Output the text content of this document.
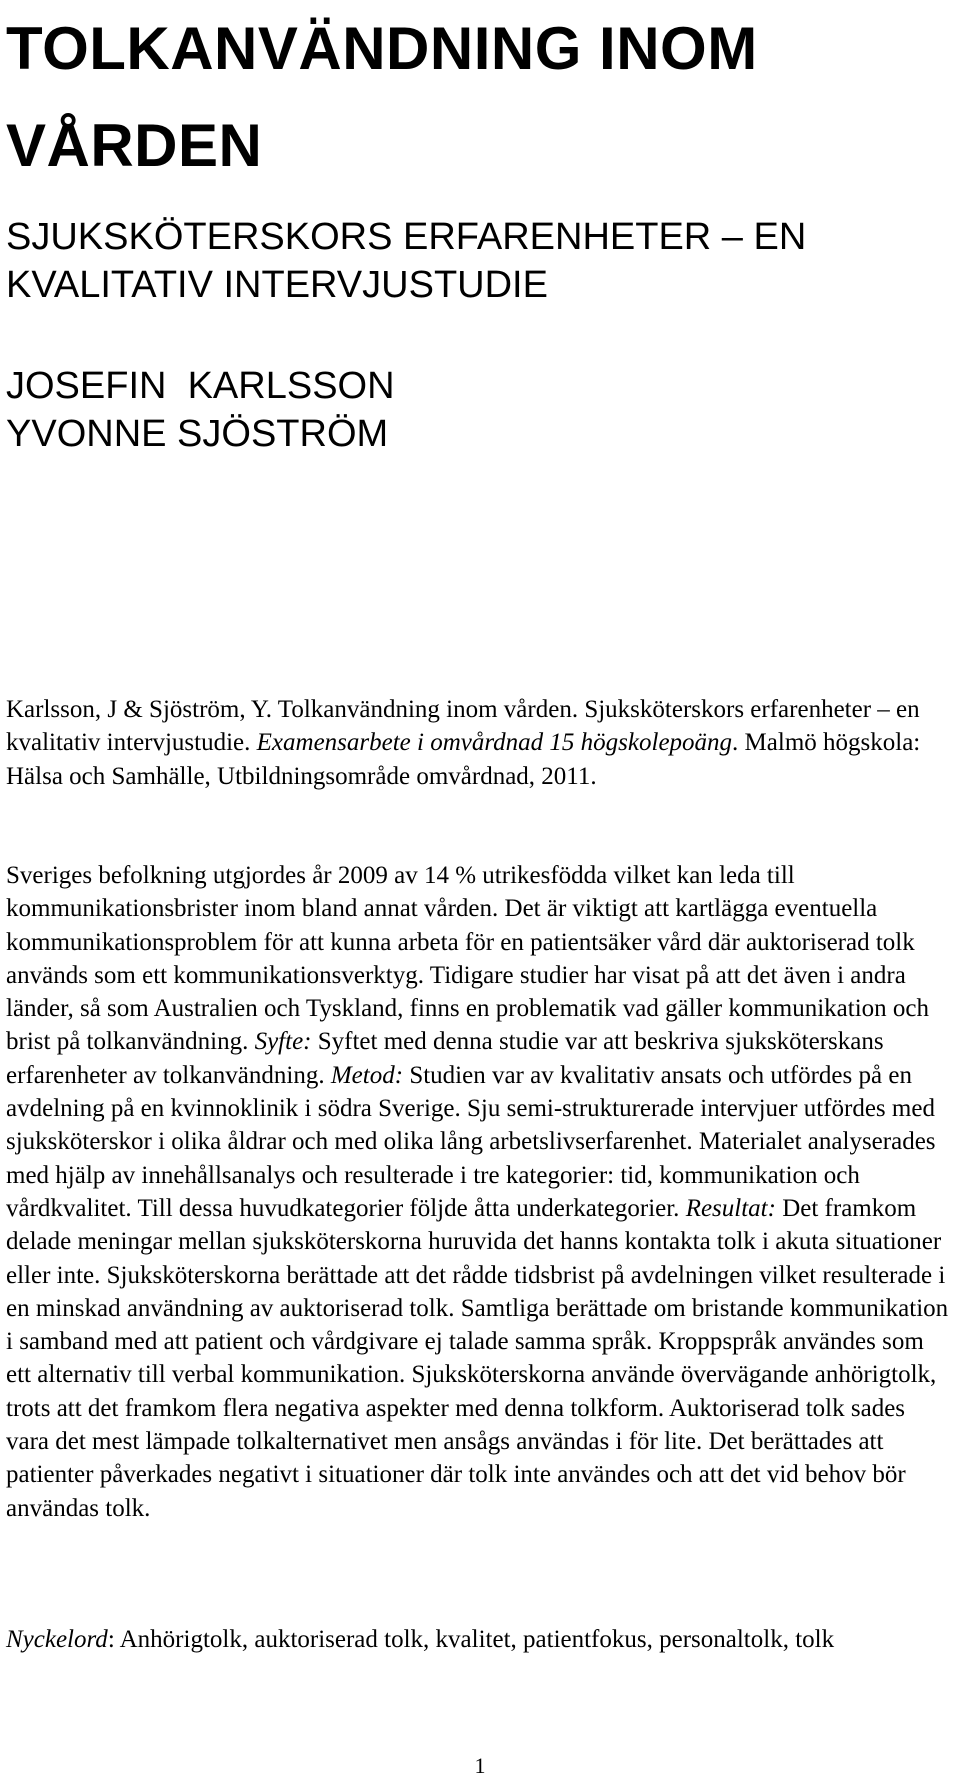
TOLKANVÄNDNING INOM VÅRDEN
SJUKSKÖTERSKORS ERFARENHETER – EN KVALITATIV INTERVJUSTUDIE
JOSEFIN  KARLSSON
YVONNE SJÖSTRÖM

Karlsson, J & Sjöström, Y. Tolkanvändning inom vården. Sjuksköterskors erfarenheter – en kvalitativ intervjustudie. Examensarbete i omvårdnad 15 högskolepoäng. Malmö högskola: Hälsa och Samhälle, Utbildningsområde omvårdnad, 2011.

Sveriges befolkning utgjordes år 2009 av 14 % utrikesfödda vilket kan leda till kommunikationsbrister inom bland annat vården. Det är viktigt att kartlägga eventuella kommunikationsproblem för att kunna arbeta för en patientsäker vård där auktoriserad tolk används som ett kommunikationsverktyg. Tidigare studier har visat på att det även i andra länder, så som Australien och Tyskland, finns en problematik vad gäller kommunikation och brist på tolkanvändning. Syfte: Syftet med denna studie var att beskriva sjuksköterskans erfarenheter av tolkanvändning. Metod: Studien var av kvalitativ ansats och utfördes på en avdelning på en kvinnoklinik i södra Sverige. Sju semi-strukturerade intervjuer utfördes med sjuksköterskor i olika åldrar och med olika lång arbetslivserfarenhet. Materialet analyserades med hjälp av innehållsanalys och resulterade i tre kategorier: tid, kommunikation och vårdkvalitet. Till dessa huvudkategorier följde åtta underkategorier. Resultat: Det framkom delade meningar mellan sjuksköterskorna huruvida det hanns kontakta tolk i akuta situationer eller inte. Sjuksköterskorna berättade att det rådde tidsbrist på avdelningen vilket resulterade i en minskad användning av auktoriserad tolk. Samtliga berättade om bristande kommunikation i samband med att patient och vårdgivare ej talade samma språk. Kroppspråk användes som ett alternativ till verbal kommunikation. Sjuksköterskorna använde övervägande anhörigtolk, trots att det framkom flera negativa aspekter med denna tolkform. Auktoriserad tolk sades vara det mest lämpade tolkalternativet men ansågs användas i för lite. Det berättades att patienter påverkades negativt i situationer där tolk inte användes och att det vid behov bör användas tolk.

Nyckelord: Anhörigtolk, auktoriserad tolk, kvalitet, patientfokus, personaltolk, tolk

1
